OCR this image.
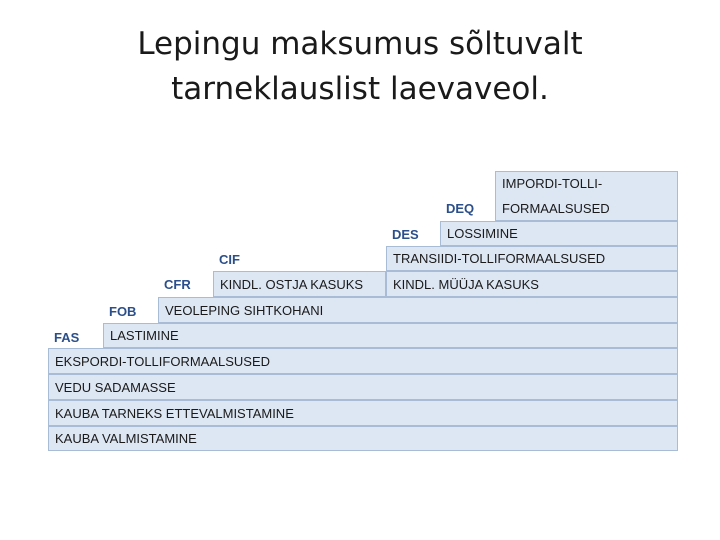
Lepingu maksumus sõltuvalt
tarneklauslist laevaveol.
FAS
FOB
CFR
CIF
DES
DEQ
IMPORDI-TOLLI-
FORMAALSUSED
LOSSIMINE
TRANSIIDI-TOLLIFORMAALSUSED
KINDL. OSTJA KASUKS	KINDL. MÜÜJA KASUKS
VEOLEPING SIHTKOHANI
LASTIMINE
EKSPORDI-TOLLIFORMAALSUSED
VEDU SADAMASSE
KAUBA TARNEKS ETTEVALMISTAMINE
KAUBA VALMISTAMINE
